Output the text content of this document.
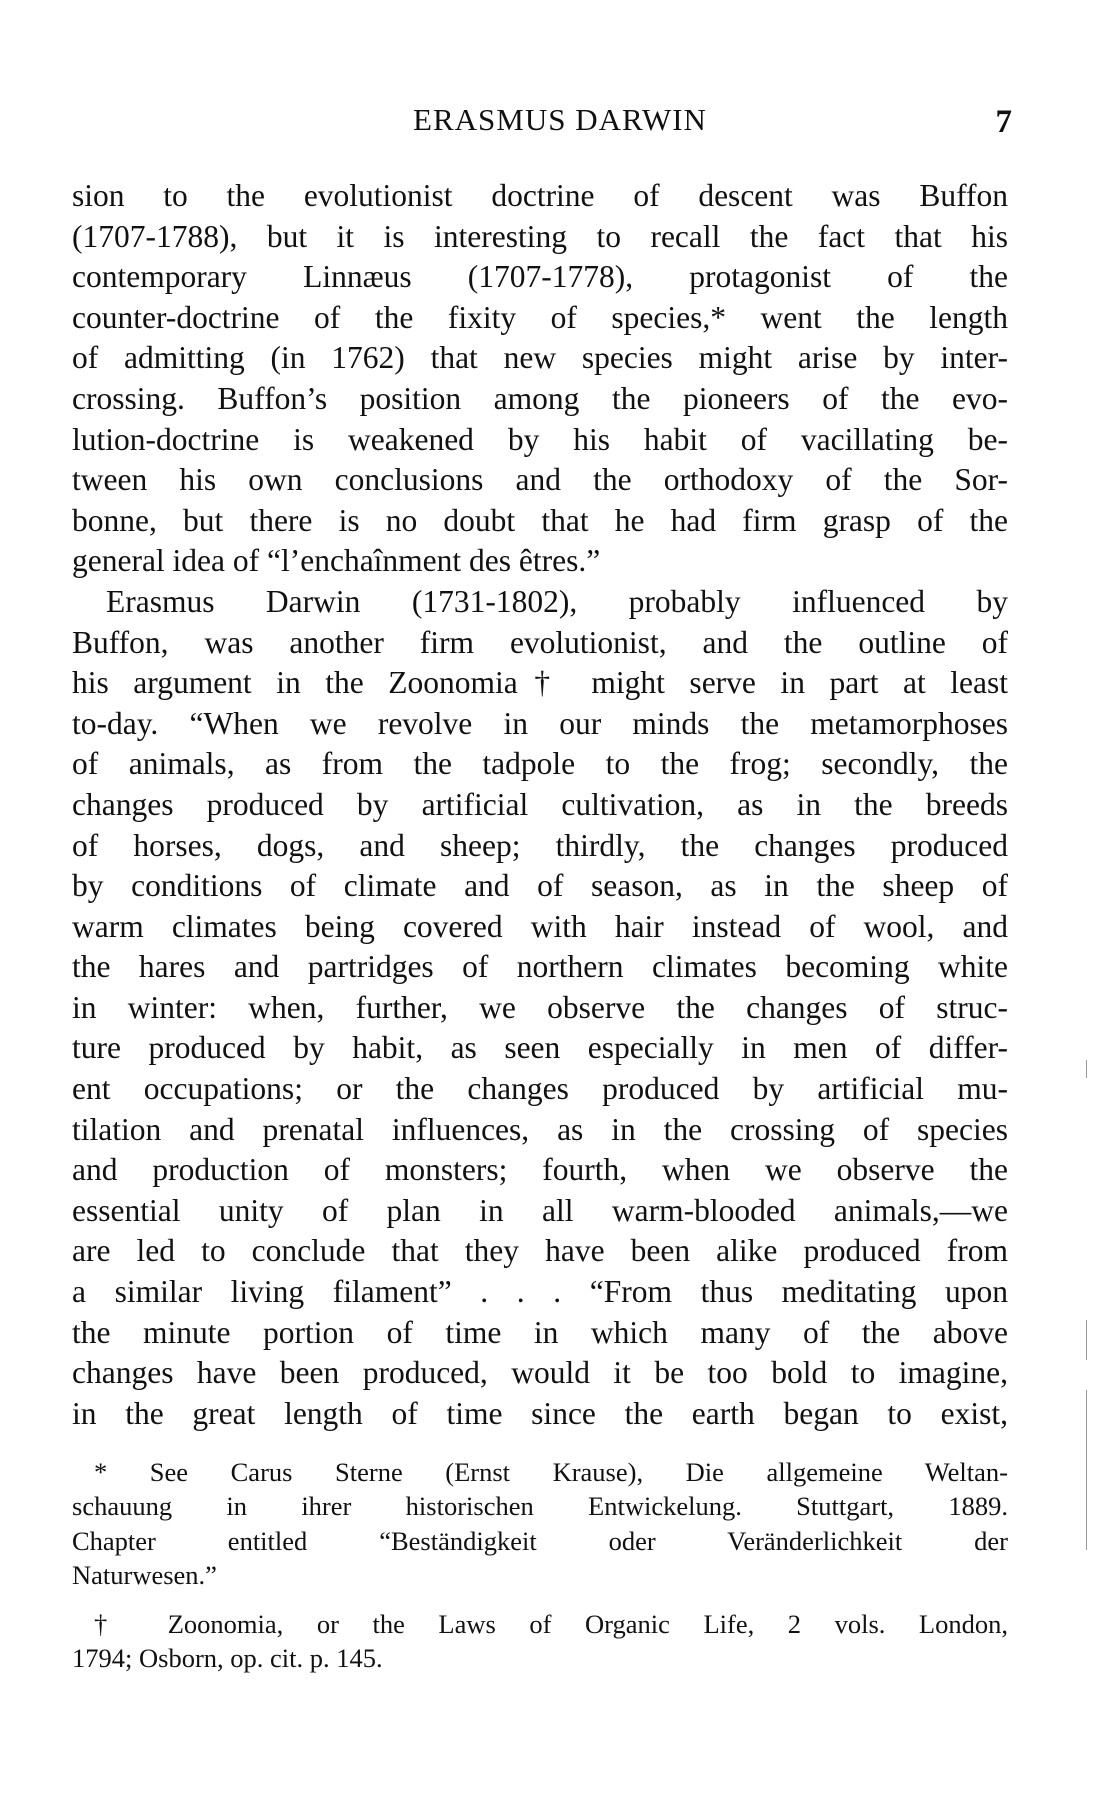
ERASMUS DARWIN	7
sion to the evolutionist doctrine of descent was Buffon
(1707-1788), but it is interesting to recall the fact that his
contemporary Linnæus (1707-1778), protagonist of the
counter-doctrine of the fixity of species,* went the length
of admitting (in 1762) that new species might arise by inter-
crossing. Buffon’s position among the pioneers of the evo-
lution-doctrine is weakened by his habit of vacillating be-
tween his own conclusions and the orthodoxy of the Sor-
bonne, but there is no doubt that he had firm grasp of the
general idea of “l’enchaînment des êtres.”
Erasmus Darwin (1731-1802), probably influenced by
Buffon, was another firm evolutionist, and the outline of
his argument in the Zoonomia† might serve in part at least
to-day. “When we revolve in our minds the metamorphoses
of animals, as from the tadpole to the frog; secondly, the
changes produced by artificial cultivation, as in the breeds
of horses, dogs, and sheep; thirdly, the changes produced
by conditions of climate and of season, as in the sheep of
warm climates being covered with hair instead of wool, and
the hares and partridges of northern climates becoming white
in winter: when, further, we observe the changes of struc-
ture produced by habit, as seen especially in men of differ-
ent occupations; or the changes produced by artificial mu-
tilation and prenatal influences, as in the crossing of species
and production of monsters; fourth, when we observe the
essential unity of plan in all warm-blooded animals,—we
are led to conclude that they have been alike produced from
a similar living filament” . . . “From thus meditating upon
the minute portion of time in which many of the above
changes have been produced, would it be too bold to imagine,
in the great length of time since the earth began to exist,
* See Carus Sterne (Ernst Krause), Die allgemeine Weltan-
schauung in ihrer historischen Entwickelung. Stuttgart, 1889.
Chapter entitled “Beständigkeit oder Veränderlichkeit der
Naturwesen.”
† Zoonomia, or the Laws of Organic Life, 2 vols. London,
1794; Osborn, op. cit. p. 145.
